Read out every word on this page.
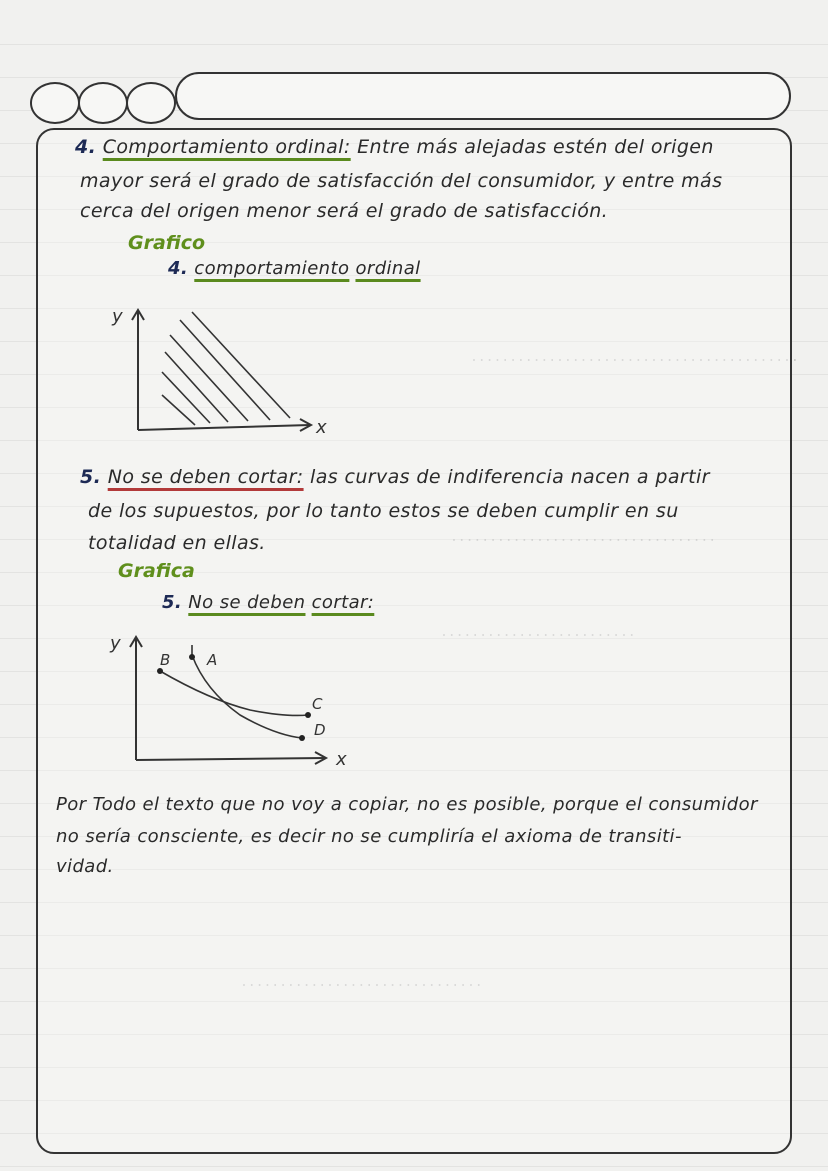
..........................................
..................................
.........................
...............................
4. Comportamiento ordinal: Entre más alejadas estén del origen
mayor será el grado de satisfacción del consumidor, y entre más
cerca del origen menor será el grado de satisfacción.
Grafico
4. comportamiento ordinal
y
x
5. No se deben cortar: las curvas de indiferencia nacen a partir
de los supuestos, por lo tanto estos se deben cumplir en su
totalidad en ellas.
Grafica
5. No se deben cortar:
y
x
B A
C
D
Por Todo el texto que no voy a copiar, no es posible, porque el consumidor
no sería consciente, es decir no se cumpliría el axioma de transiti-
vidad.
